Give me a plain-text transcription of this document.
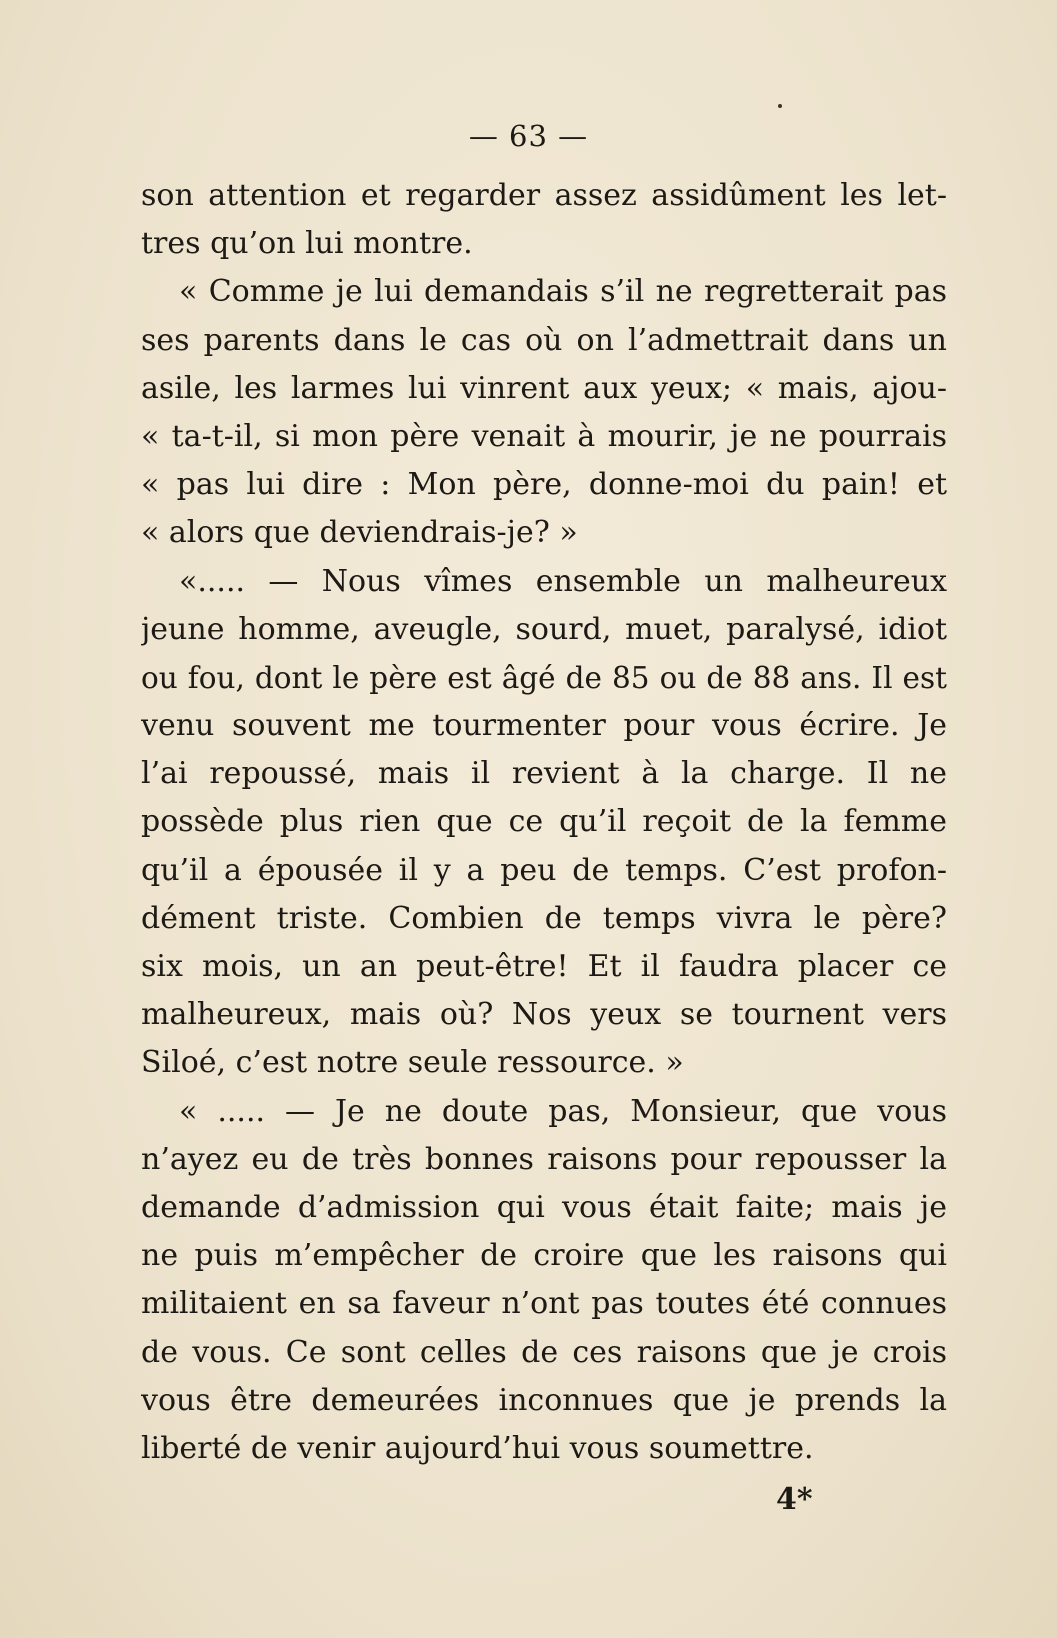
— 63 —
son attention et regarder assez assidûment les let-
tres qu’on lui montre.
« Comme je lui demandais s’il ne regretterait pas
ses parents dans le cas où on l’admettrait dans un
asile, les larmes lui vinrent aux yeux; « mais, ajou-
« ta-t-il, si mon père venait à mourir, je ne pourrais
« pas lui dire : Mon père, donne-moi du pain! et
« alors que deviendrais-je? »
«..... — Nous vîmes ensemble un malheureux
jeune homme, aveugle, sourd, muet, paralysé, idiot
ou fou, dont le père est âgé de 85 ou de 88 ans. Il est
venu souvent me tourmenter pour vous écrire. Je
l’ai repoussé, mais il revient à la charge. Il ne
possède plus rien que ce qu’il reçoit de la femme
qu’il a épousée il y a peu de temps. C’est profon-
dément triste. Combien de temps vivra le père?
six mois, un an peut-être! Et il faudra placer ce
malheureux, mais où? Nos yeux se tournent vers
Siloé, c’est notre seule ressource. »
« ..... — Je ne doute pas, Monsieur, que vous
n’ayez eu de très bonnes raisons pour repousser la
demande d’admission qui vous était faite; mais je
ne puis m’empêcher de croire que les raisons qui
militaient en sa faveur n’ont pas toutes été connues
de vous. Ce sont celles de ces raisons que je crois
vous être demeurées inconnues que je prends la
liberté de venir aujourd’hui vous soumettre.
4*
